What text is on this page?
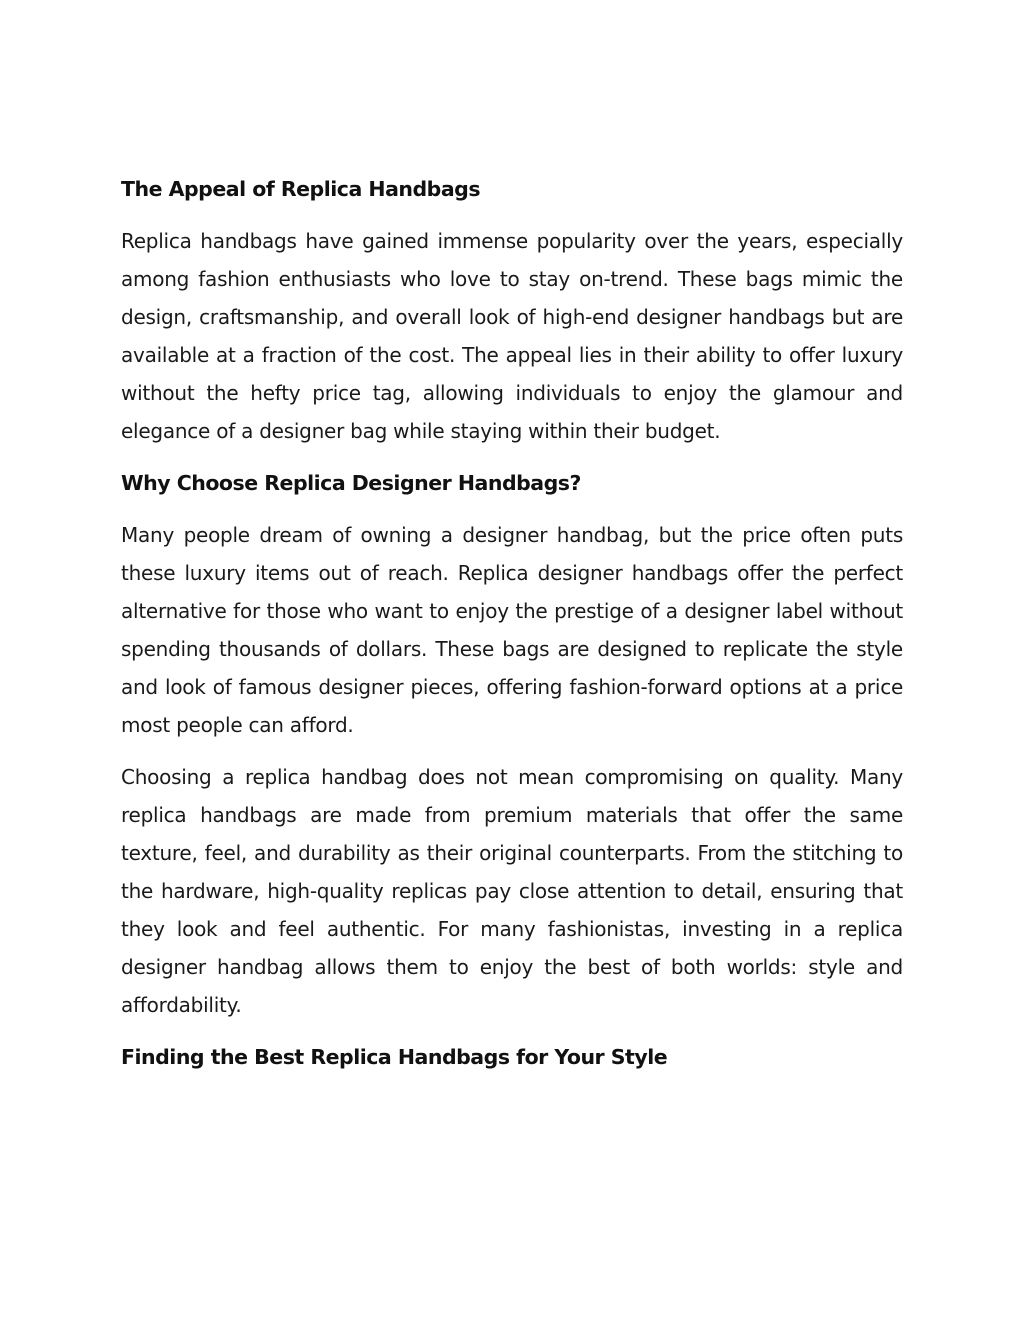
The Appeal of Replica Handbags

Replica handbags have gained immense popularity over the years, especially among fashion enthusiasts who love to stay on-trend. These bags mimic the design, craftsmanship, and overall look of high-end designer handbags but are available at a fraction of the cost. The appeal lies in their ability to offer luxury without the hefty price tag, allowing individuals to enjoy the glamour and elegance of a designer bag while staying within their budget.

Why Choose Replica Designer Handbags?

Many people dream of owning a designer handbag, but the price often puts these luxury items out of reach. Replica designer handbags offer the perfect alternative for those who want to enjoy the prestige of a designer label without spending thousands of dollars. These bags are designed to replicate the style and look of famous designer pieces, offering fashion-forward options at a price most people can afford.

Choosing a replica handbag does not mean compromising on quality. Many replica handbags are made from premium materials that offer the same texture, feel, and durability as their original counterparts. From the stitching to the hardware, high-quality replicas pay close attention to detail, ensuring that they look and feel authentic. For many fashionistas, investing in a replica designer handbag allows them to enjoy the best of both worlds: style and affordability.

Finding the Best Replica Handbags for Your Style
